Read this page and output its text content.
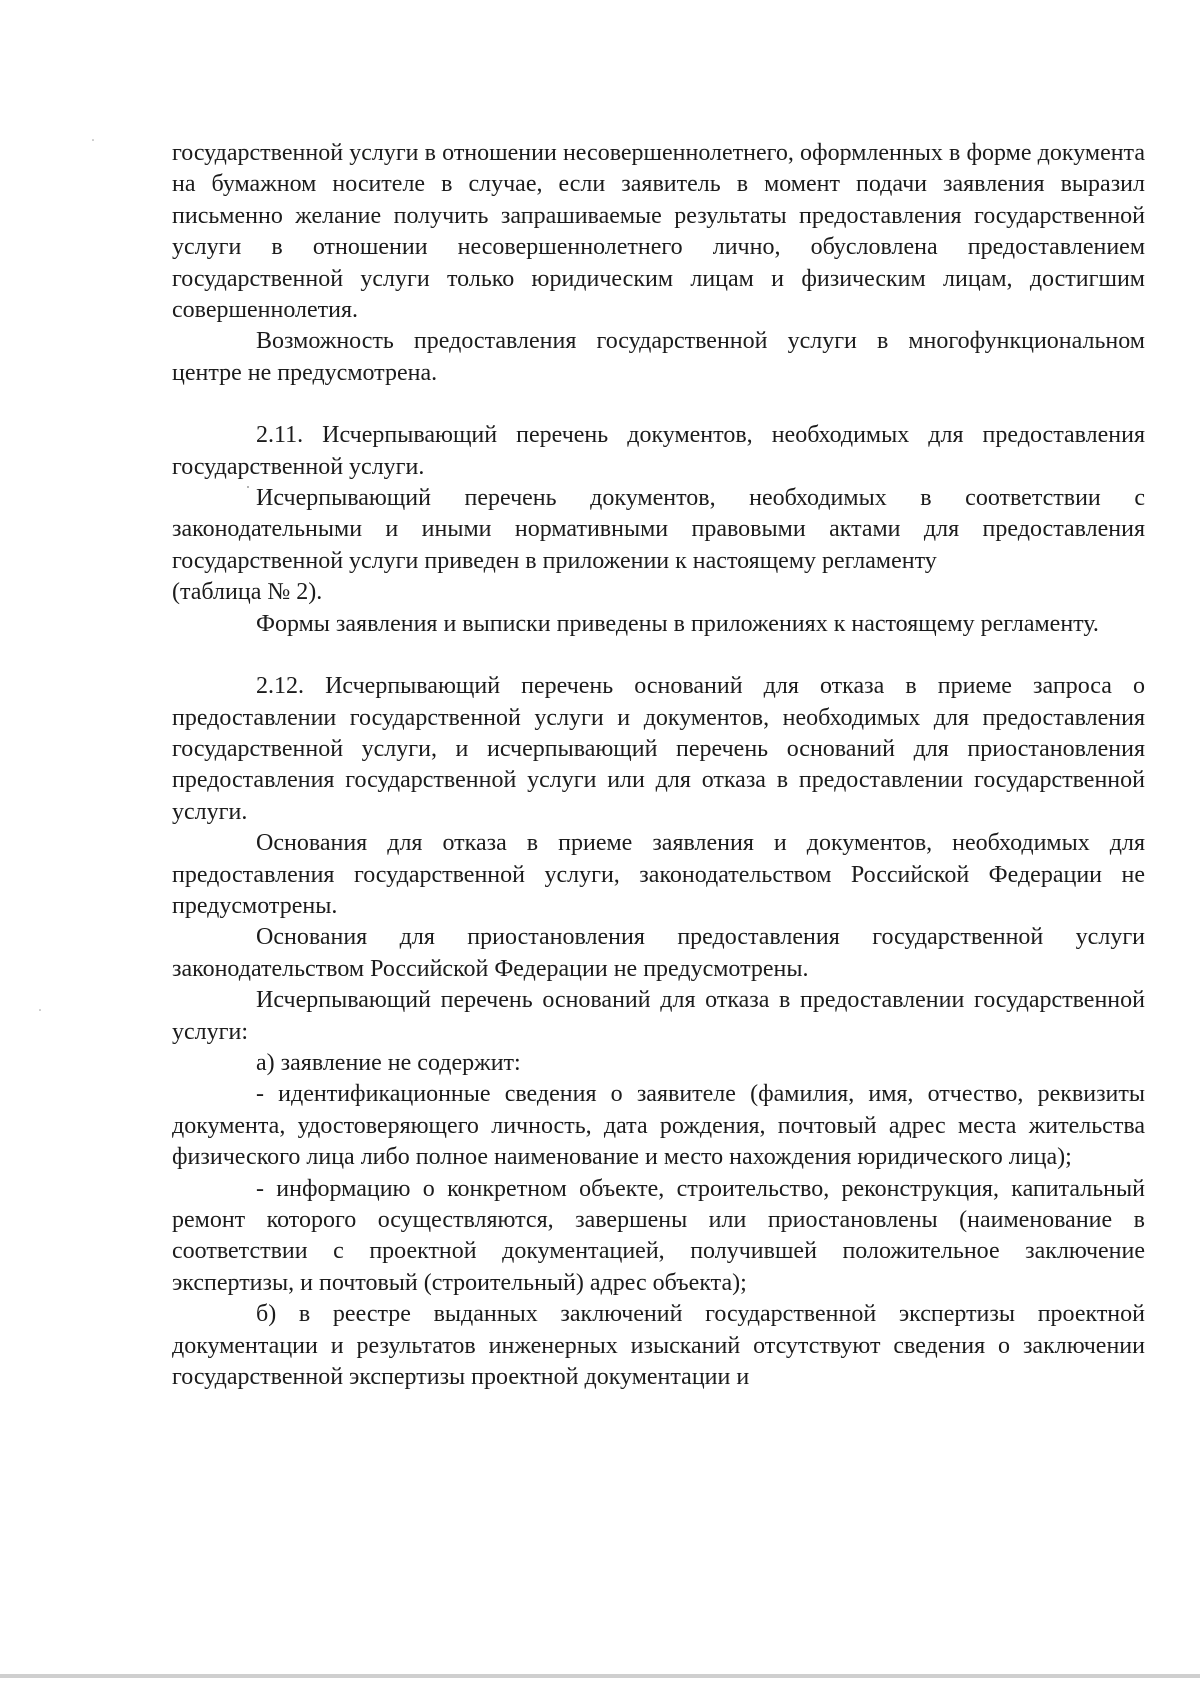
государственной услуги в отношении несовершеннолетнего, оформленных в форме документа на бумажном носителе в случае, если заявитель в момент подачи заявления выразил письменно желание получить запрашиваемые результаты предоставления государственной услуги в отношении несовершеннолетнего лично, обусловлена предоставлением государственной услуги только юридическим лицам и физическим лицам, достигшим совершеннолетия.

Возможность предоставления государственной услуги в многофункциональном центре не предусмотрена.

2.11. Исчерпывающий перечень документов, необходимых для предоставления государственной услуги.

Исчерпывающий перечень документов, необходимых в соответствии с законодательными и иными нормативными правовыми актами для предоставления государственной услуги приведен в приложении к настоящему регламенту

(таблица № 2).

Формы заявления и выписки приведены в приложениях к настоящему регламенту.

2.12. Исчерпывающий перечень оснований для отказа в приеме запроса о предоставлении государственной услуги и документов, необходимых для предоставления государственной услуги, и исчерпывающий перечень оснований для приостановления предоставления государственной услуги или для отказа в предоставлении государственной услуги.

Основания для отказа в приеме заявления и документов, необходимых для предоставления государственной услуги, законодательством Российской Федерации не предусмотрены.

Основания для приостановления предоставления государственной услуги законодательством Российской Федерации не предусмотрены.

Исчерпывающий перечень оснований для отказа в предоставлении государственной услуги:

а) заявление не содержит:

- идентификационные сведения о заявителе (фамилия, имя, отчество, реквизиты документа, удостоверяющего личность, дата рождения, почтовый адрес места жительства физического лица либо полное наименование и место нахождения юридического лица);

- информацию о конкретном объекте, строительство, реконструкция, капитальный ремонт которого осуществляются, завершены или приостановлены (наименование в соответствии с проектной документацией, получившей положительное заключение экспертизы, и почтовый (строительный) адрес объекта);

б) в реестре выданных заключений государственной экспертизы проектной документации и результатов инженерных изысканий отсутствуют сведения о заключении государственной экспертизы проектной документации и
